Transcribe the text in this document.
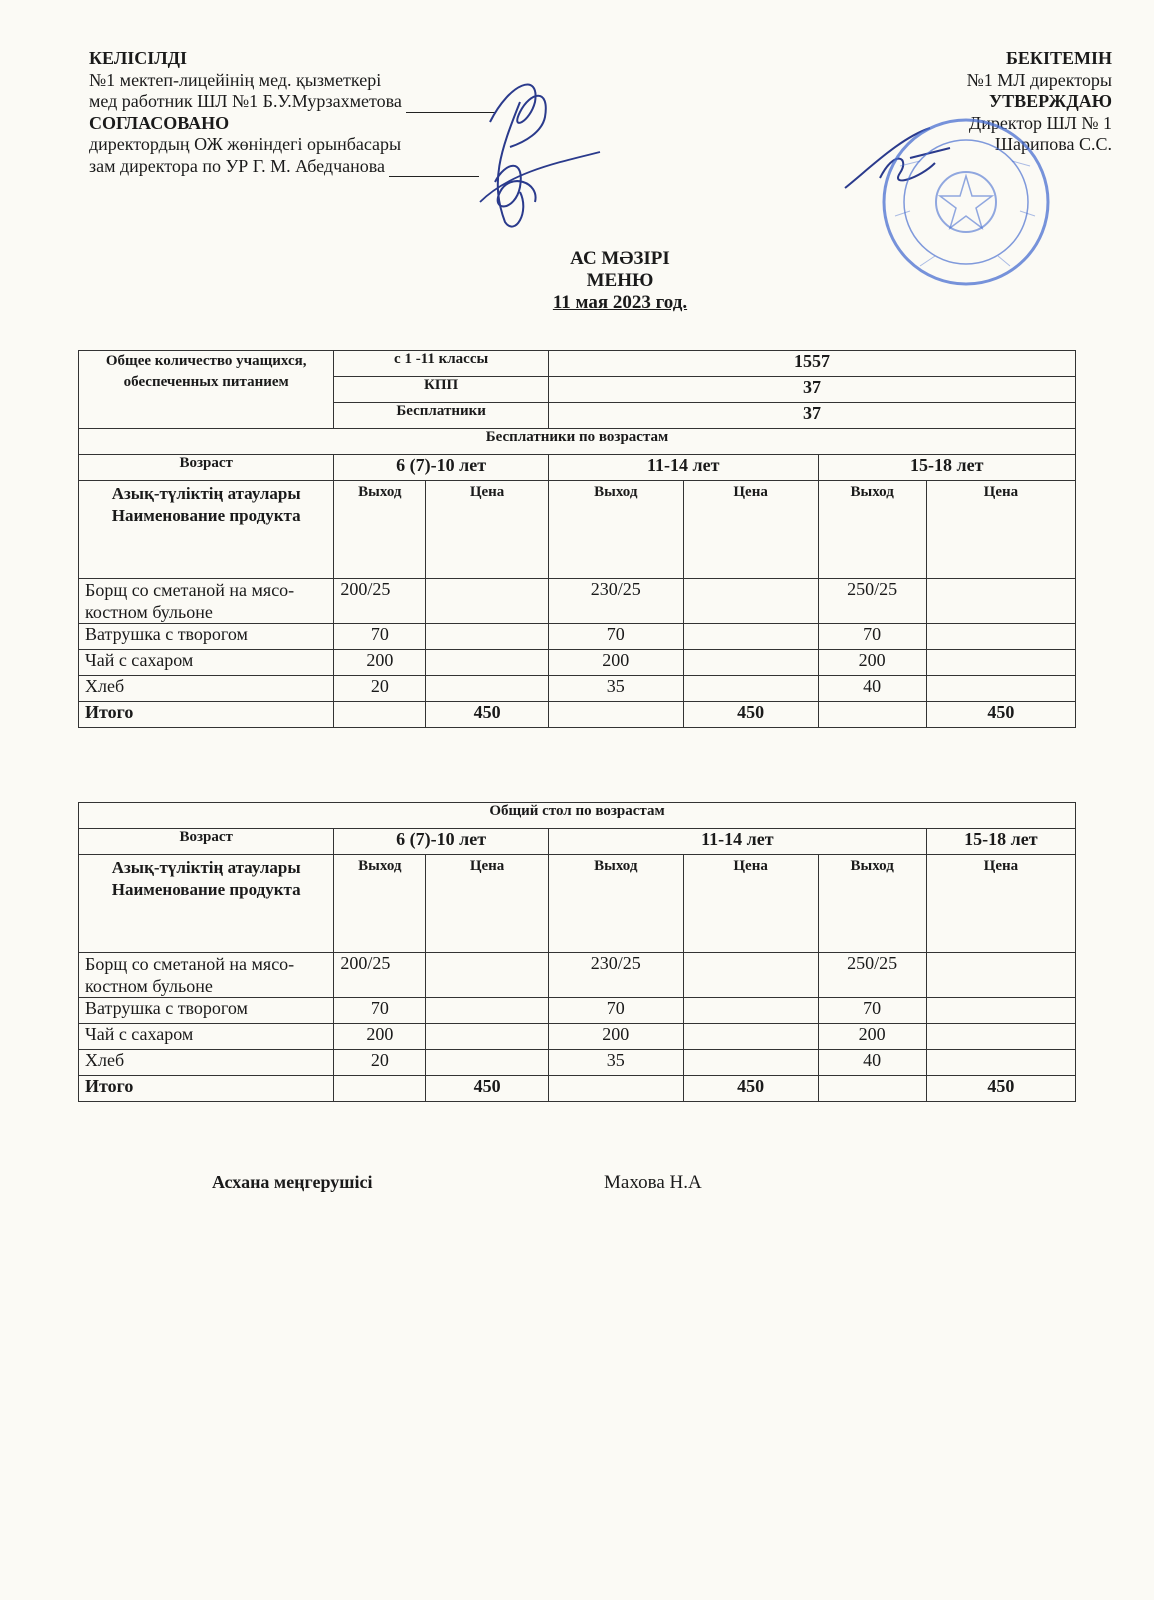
КЕЛІСІЛДІ
№1 мектеп-лицейінің мед. қызметкері
мед работник ШЛ №1 Б.У.Мурзахметова
СОГЛАСОВАНО
директордың ОЖ жөніндегі орынбасары
зам директора по УР Г. М. Абедчанова
БЕКІТЕМІН
№1 МЛ директоры
УТВЕРЖДАЮ
Директор ШЛ № 1
Шарипова С.С.
АС МӘЗІРІ
МЕНЮ
11 мая 2023 год.
Общее количество учащихся, обеспеченных питанием	с 1 -11 классы		1557			
	КПП		37			
	Бесплатники		37			
Бесплатники по возрастам						
Возраст	6 (7)-10 лет		11-14 лет		15-18 лет	
Азық-түліктің атаулары Наименование продукта	Выход	Цена	Выход	Цена	Выход	Цена
Борщ со сметаной на мясо-костном бульоне	200/25		230/25		250/25	
Ватрушка с творогом	70		70		70	
Чай с сахаром	200		200		200	
Хлеб	20		35		40	
Итого		450		450		450
Общий стол по возрастам						
Возраст	6 (7)-10 лет		11-14 лет			15-18 лет
Азық-түліктің атаулары Наименование продукта	Выход	Цена	Выход	Цена	Выход	Цена
Борщ со сметаной на мясо-костном бульоне	200/25		230/25		250/25	
Ватрушка с творогом	70		70		70	
Чай с сахаром	200		200		200	
Хлеб	20		35		40	
Итого		450		450		450
Асхана меңгерушісі	Махова Н.А
